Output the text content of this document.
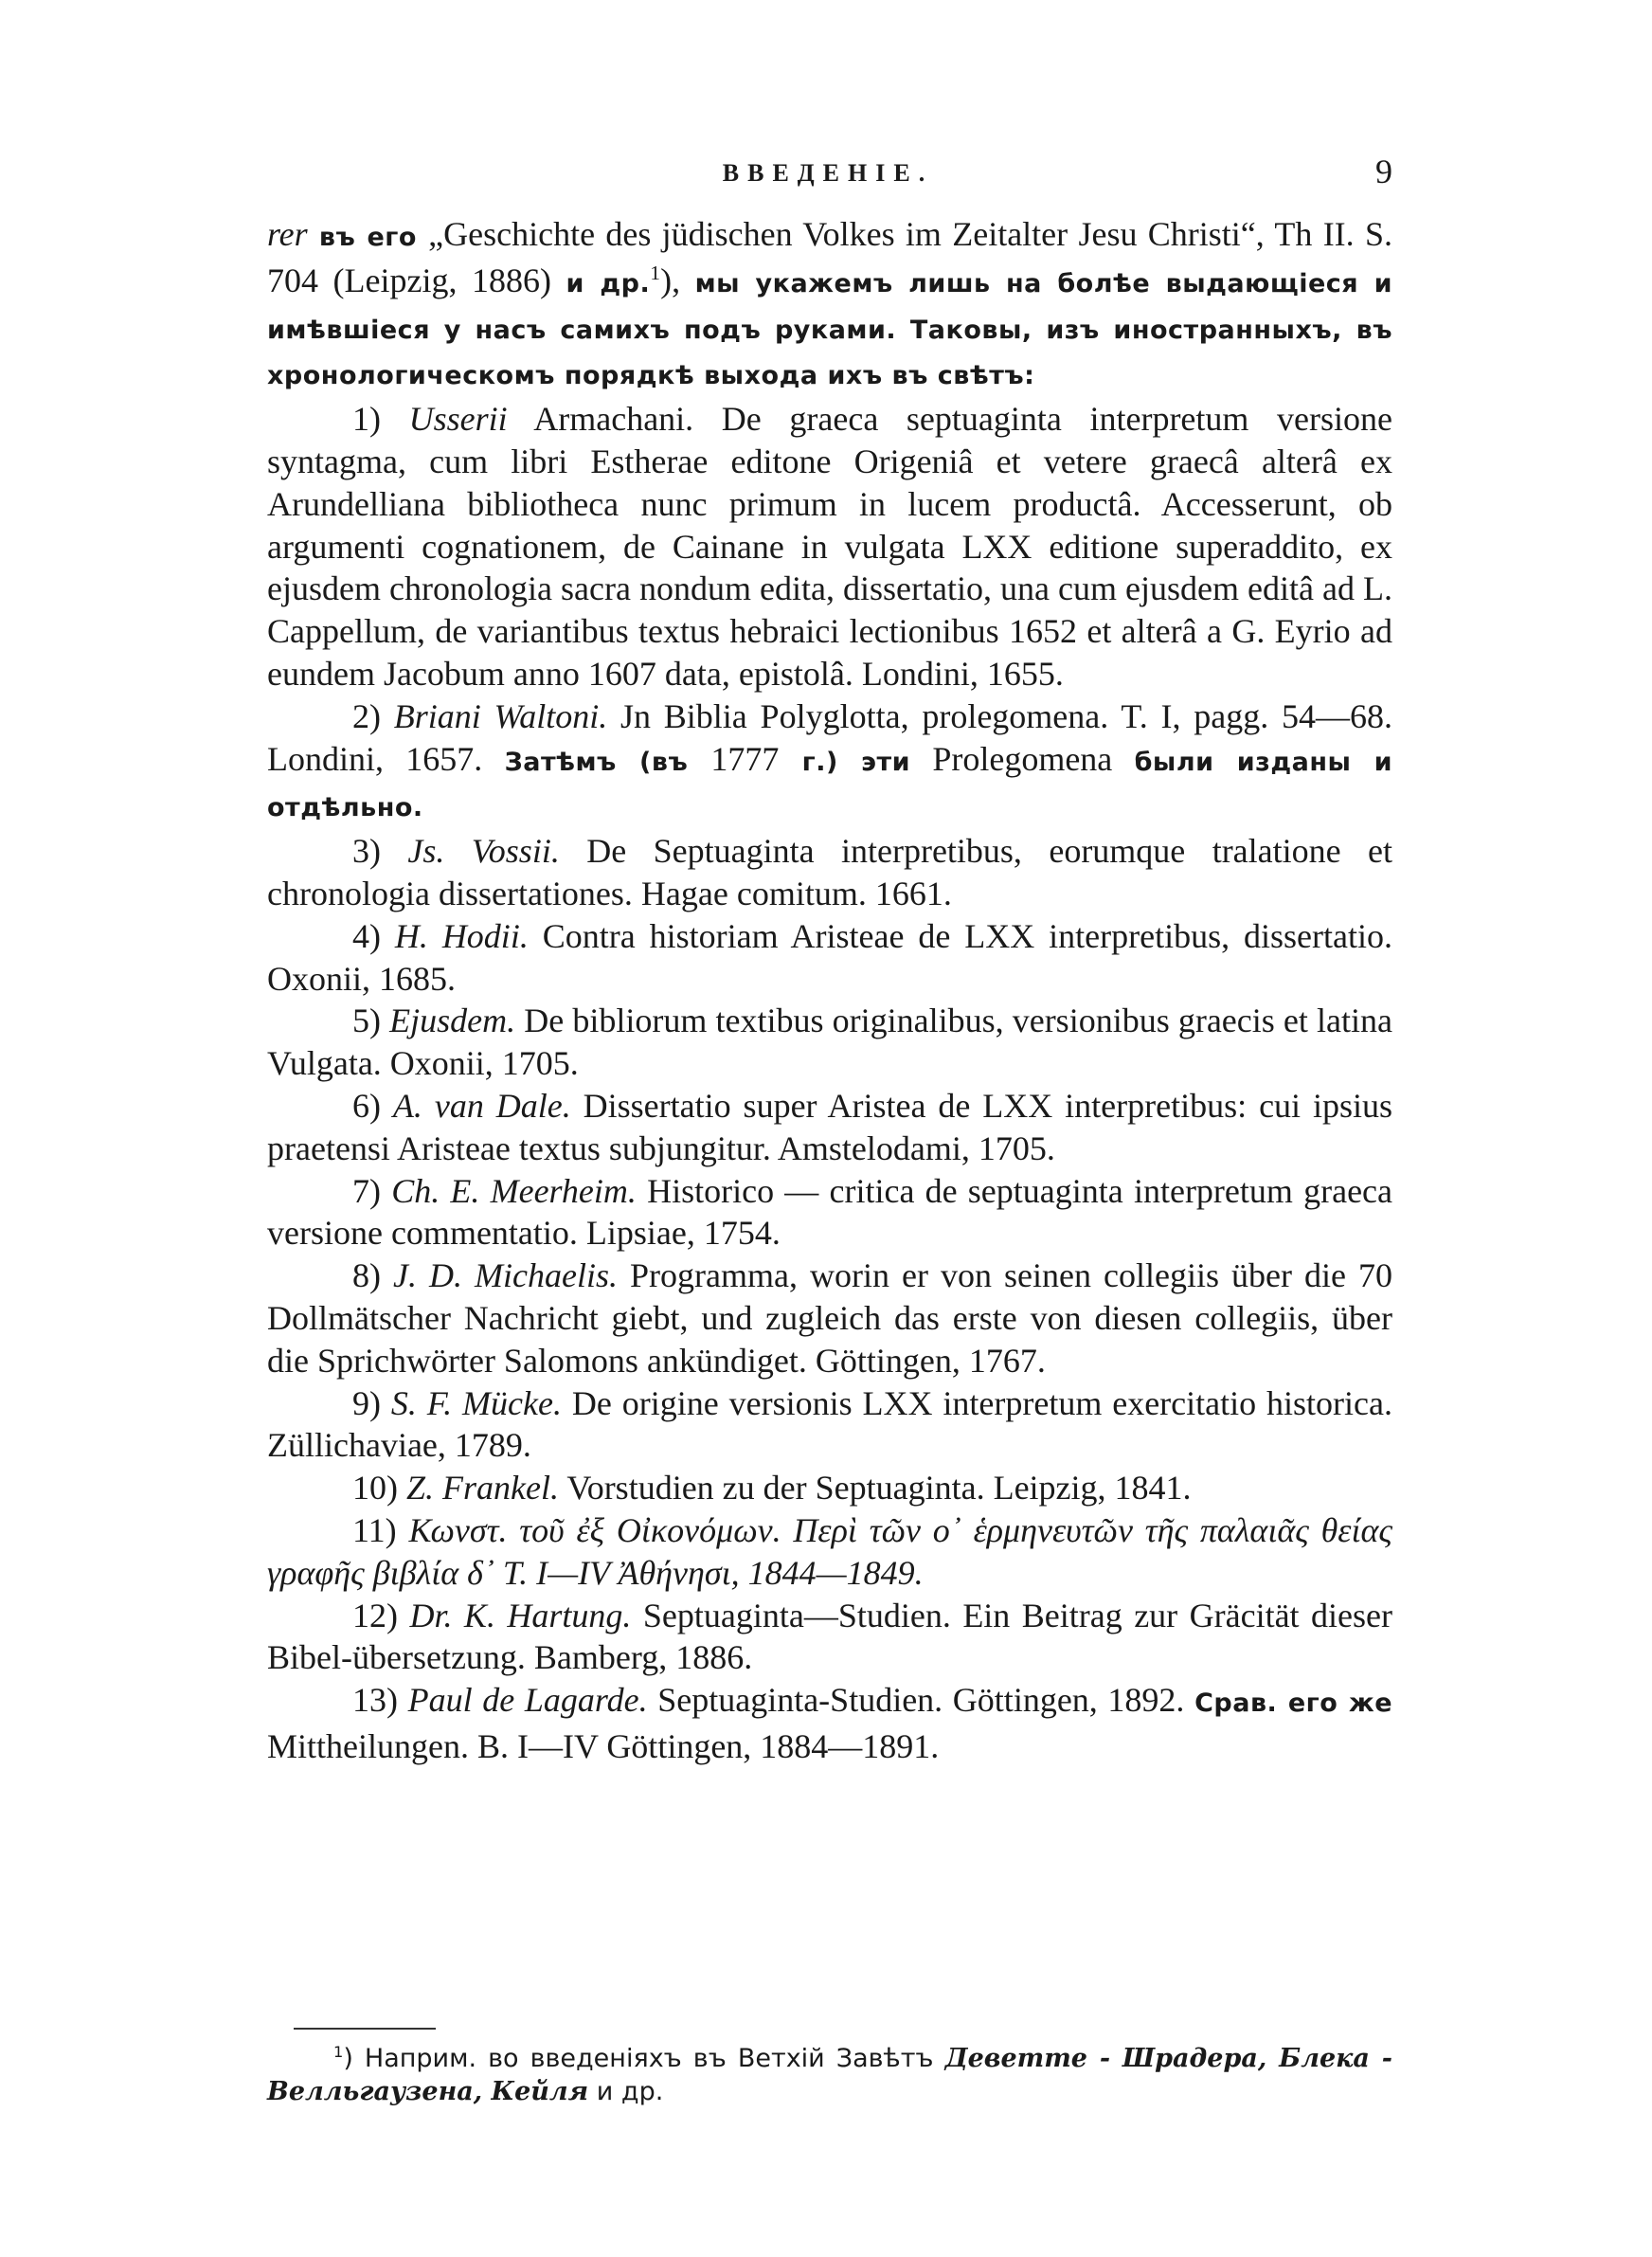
ВВЕДЕНІЕ.	9

rer въ его „Geschichte des jüdischen Volkes im Zeitalter Jesu Christi“, Th II. S. 704 (Leipzig, 1886) и др.$^1$), мы укажемъ лишь на болѣе выдающіеся и имѣвшіеся у насъ самихъ подъ руками. Таковы, изъ иностранныхъ, въ хронологическомъ порядкѣ выхода ихъ въ свѣтъ:

1) Usserii Armachani. De graeca septuaginta interpretum versione syntagma, cum libri Estherae editone Origeniâ et vetere graecâ alterâ ex Arundelliana bibliotheca nunc primum in lucem productâ. Accesserunt, ob argumenti cognationem, de Cainane in vulgata LXX editione superaddito, ex ejusdem chronologia sacra nondum edita, dissertatio, una cum ejusdem editâ ad L. Cappellum, de variantibus textus hebraici lectionibus 1652 et alterâ a G. Eyrio ad eundem Jacobum anno 1607 data, epistolâ. Londini, 1655.

2) Briani Waltoni. Jn Biblia Polyglotta, prolegomena. T. I, pagg. 54—68. Londini, 1657. Затѣмъ (въ 1777 г.) эти Prolegomena были изданы и отдѣльно.

3) Js. Vossii. De Septuaginta interpretibus, eorumque tralatione et chronologia dissertationes. Hagae comitum. 1661.

4) H. Hodii. Contra historiam Aristeae de LXX interpretibus, dissertatio. Oxonii, 1685.

5) Ejusdem. De bibliorum textibus originalibus, versionibus graecis et latina Vulgata. Oxonii, 1705.

6) A. van Dale. Dissertatio super Aristea de LXX interpretibus: cui ipsius praetensi Aristeae textus subjungitur. Amstelodami, 1705.

7) Ch. E. Meerheim. Historico — critica de septuaginta interpretum graeca versione commentatio. Lipsiae, 1754.

8) J. D. Michaelis. Programma, worin er von seinen collegiis über die 70 Dollmätscher Nachricht giebt, und zugleich das erste von diesen collegiis, über die Sprichwörter Salomons ankündiget. Göttingen, 1767.

9) S. F. Mücke. De origine versionis LXX interpretum exercitatio historica. Züllichaviae, 1789.

10) Z. Frankel. Vorstudien zu der Septuaginta. Leipzig, 1841.

11) Κωνστ. τοῦ ἐξ Οἰκονόμων. Περὶ τῶν ο᾽ ἑρμηνευτῶν τῆς παλαιᾶς θείας γραφῆς βιβλία δ᾽ Τ. I—IV Ἀθήνησι, 1844—1849.

12) Dr. K. Hartung. Septuaginta—Studien. Ein Beitrag zur Gräcität dieser Bibel-übersetzung. Bamberg, 1886.

13) Paul de Lagarde. Septuaginta-Studien. Göttingen, 1892. Срав. его же Mittheilungen. B. I—IV Göttingen, 1884—1891.

$^1$) Наприм. во введеніяхъ въ Ветхій Завѣтъ Деветте - Шрадера, Блека - Велльгаузена, Кейля и др.
